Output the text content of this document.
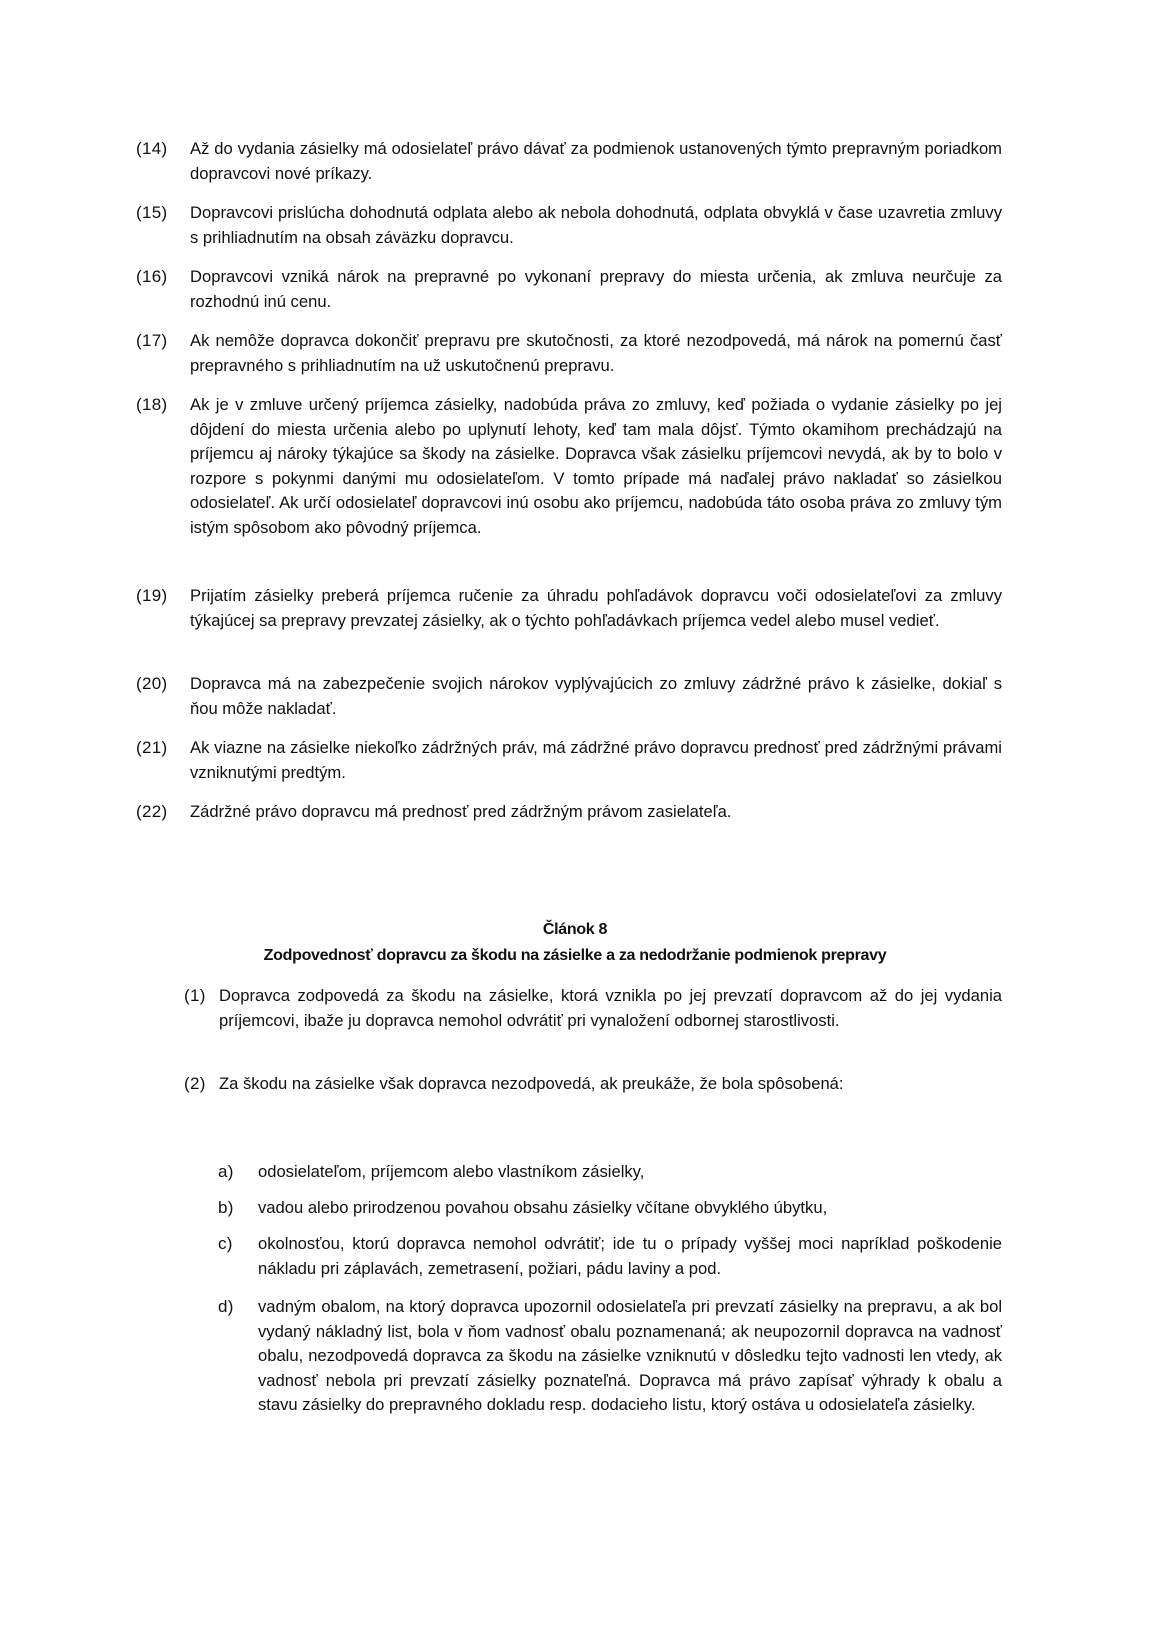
(14)	Až do vydania zásielky má odosielateľ právo dávať za podmienok ustanovených týmto prepravným poriadkom dopravcovi nové príkazy.
(15)	Dopravcovi prislúcha dohodnutá odplata alebo ak nebola dohodnutá, odplata obvyklá v čase uzavretia zmluvy s prihliadnutím na obsah záväzku dopravcu.
(16)	Dopravcovi vzniká nárok na prepravné po vykonaní prepravy do miesta určenia, ak zmluva neurčuje za rozhodnú inú cenu.
(17)	Ak nemôže dopravca dokončiť prepravu pre skutočnosti, za ktoré nezodpovedá, má nárok na pomernú časť prepravného s prihliadnutím na už uskutočnenú prepravu.
(18)	Ak je v zmluve určený príjemca zásielky, nadobúda práva zo zmluvy, keď požiada o vydanie zásielky po jej dôjdení do miesta určenia alebo po uplynutí lehoty, keď tam mala dôjsť. Týmto okamihom prechádzajú na príjemcu aj nároky týkajúce sa škody na zásielke. Dopravca však zásielku príjemcovi nevydá, ak by to bolo v rozpore s pokynmi danými mu odosielateľom. V tomto prípade má naďalej právo nakladať so zásielkou odosielateľ. Ak určí odosielateľ dopravcovi inú osobu ako príjemcu, nadobúda táto osoba práva zo zmluvy tým istým spôsobom ako pôvodný príjemca.
(19)	Prijatím zásielky preberá príjemca ručenie za úhradu pohľadávok dopravcu voči odosielateľovi za zmluvy týkajúcej sa prepravy prevzatej zásielky, ak o týchto pohľadávkach príjemca vedel alebo musel vedieť.
(20)	Dopravca má na zabezpečenie svojich nárokov vyplývajúcich zo zmluvy zádržné právo k zásielke, dokiaľ s ňou môže nakladať.
(21)	Ak viazne na zásielke niekoľko zádržných práv, má zádržné právo dopravcu prednosť pred zádržnými právami vzniknutými predtým.
(22)	Zádržné právo dopravcu má prednosť pred zádržným právom zasielateľa.
Článok 8
Zodpovednosť dopravcu za škodu na zásielke a za nedodržanie podmienok prepravy
(1) Dopravca zodpovedá za škodu na zásielke, ktorá vznikla po jej prevzatí dopravcom až do jej vydania príjemcovi, ibaže ju dopravca nemohol odvrátiť pri vynaložení odbornej starostlivosti.
(2) Za škodu na zásielke však dopravca nezodpovedá, ak preukáže, že bola spôsobená:
a)	odosielateľom, príjemcom alebo vlastníkom zásielky,
b)	vadou alebo prirodzenou povahou obsahu zásielky včítane obvyklého úbytku,
c)	okolnosťou, ktorú dopravca nemohol odvrátiť; ide tu o prípady vyššej moci napríklad poškodenie nákladu pri záplavách, zemetrasení, požiari, pádu laviny a pod.
d)	vadným obalom, na ktorý dopravca upozornil odosielateľa pri prevzatí zásielky na prepravu, a ak bol vydaný nákladný list, bola v ňom vadnosť obalu poznamenaná; ak neupozornil dopravca na vadnosť obalu, nezodpovedá dopravca za škodu na zásielke vzniknutú v dôsledku tejto vadnosti len vtedy, ak vadnosť nebola pri prevzatí zásielky poznateľná. Dopravca má právo zapísať výhrady k obalu a stavu zásielky do prepravného dokladu resp. dodacieho listu, ktorý ostáva u odosielateľa zásielky.
